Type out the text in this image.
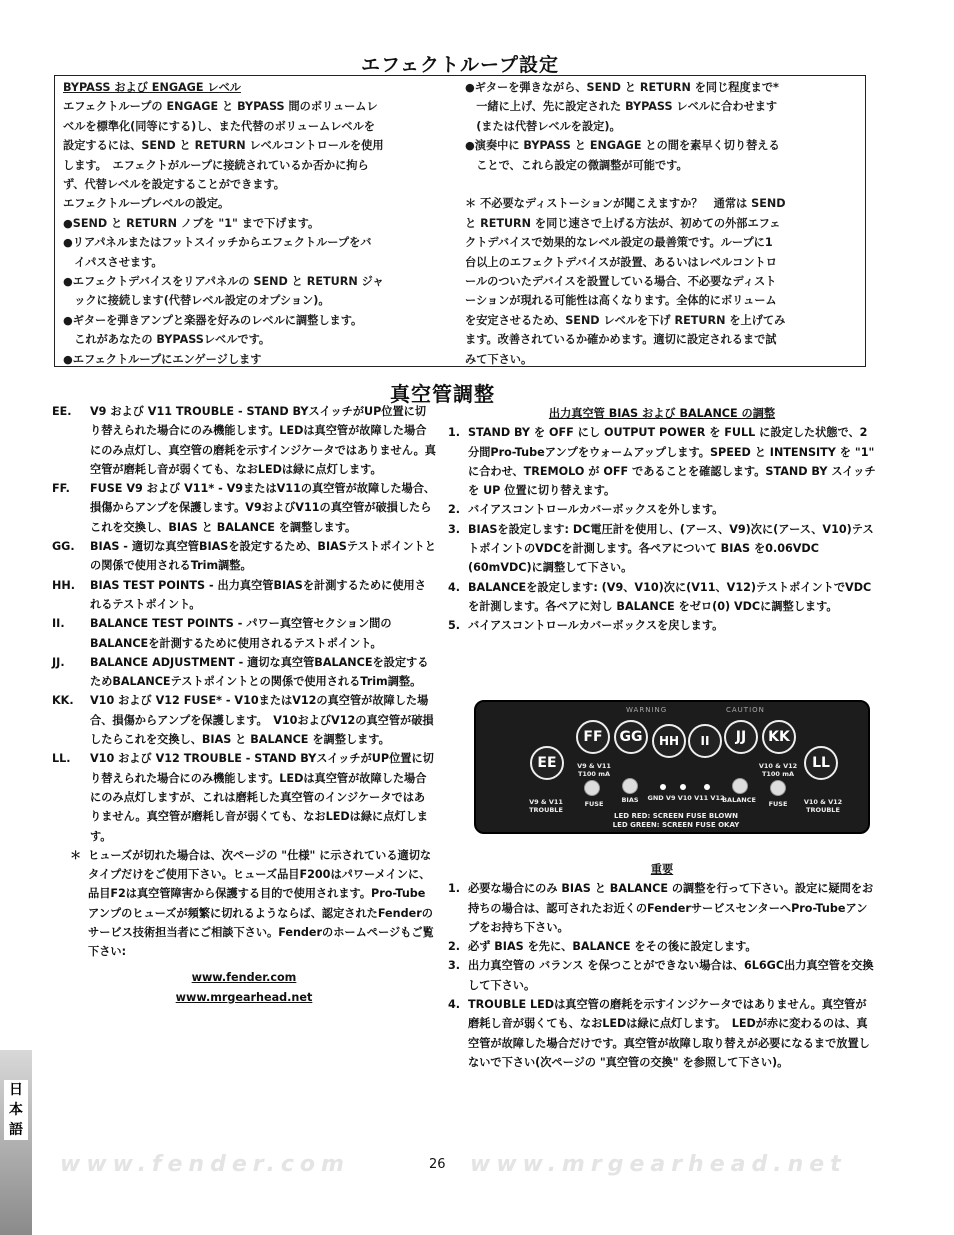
エフェクトループ設定

BYPASS および ENGAGE レベル

エフェクトループの ENGAGE と BYPASS 間のボリュームレ

ベルを標準化(同等にする)し、また代替のボリュームレベルを

設定するには、SEND と RETURN レベルコントロールを使用

します。　エフェクトがループに接続されているか否かに拘ら

ず、代替レベルを設定することができます。

エフェクトループレベルの設定。

●SEND と RETURN ノブを "1" まで下げます。

●リアパネルまたはフットスイッチからエフェクトループをバ

　イパスさせます。

●エフェクトデバイスをリアパネルの SEND と RETURN ジャ

　ックに接続します(代替レベル設定のオプション)。

●ギターを弾きアンプと楽器を好みのレベルに調整します。

　これがあなたの BYPASSレベルです。

●エフェクトループにエンゲージします

●ギターを弾きながら、SEND と RETURN を同じ程度まで*

　一緒に上げ、先に設定された BYPASS レベルに合わせます

　(または代替レベルを設定)。

●演奏中に BYPASS と ENGAGE との間を素早く切り替える

　ことで、これら設定の微調整が可能です。

＊ 不必要なディストーションが聞こえますか？　通常は SEND

と RETURN を同じ速さで上げる方法が、初めての外部エフェ

クトデバイスで効果的なレベル設定の最善策です。ループに1

台以上のエフェクトデバイスが設置、あるいはレベルコントロ

ールのついたデバイスを設置している場合、不必要なディスト

ーションが現れる可能性は高くなります。全体的にボリューム

を安定させるため、SEND レベルを下げ RETURN を上げてみ

ます。改善されているか確かめます。適切に設定されるまで試

みて下さい。

真空管調整
EE.	V9 および V11 TROUBLE - STAND BYスイッチがUP位置に切り替えられた場合にのみ機能します。LEDは真空管が故障した場合にのみ点灯し、真空管の磨耗を示すインジケータではありません。真空管が磨耗し音が弱くても、なおLEDは緑に点灯します。
FF.	FUSE V9 および V11* - V9またはV11の真空管が故障した場合、損傷からアンプを保護します。V9およびV11の真空管が破損したらこれを交換し、BIAS と BALANCE を調整します。
GG.	BIAS - 適切な真空管BIASを設定するため、BIASテストポイントとの関係で使用されるTrim調整。
HH.	BIAS TEST POINTS - 出力真空管BIASを計測するために使用されるテストポイント。
II.	BALANCE TEST POINTS - パワー真空管セクション間のBALANCEを計測するために使用されるテストポイント。
JJ.	BALANCE ADJUSTMENT - 適切な真空管BALANCEを設定するためBALANCEテストポイントとの関係で使用されるTrim調整。
KK.	V10 および V12 FUSE* - V10またはV12の真空管が故障した場合、損傷からアンプを保護します。　V10およびV12の真空管が破損したらこれを交換し、BIAS と BALANCE を調整します。
LL.	V10 および V12 TROUBLE - STAND BYスイッチがUP位置に切り替えられた場合にのみ機能します。LEDは真空管が故障した場合にのみ点灯しますが、これは磨耗した真空管のインジケータではありません。真空管が磨耗し音が弱くても、なおLEDは緑に点灯します。
＊ ヒューズが切れた場合は、次ページの "仕様" に示されている適切なタイプだけをご使用下さい。ヒューズ品目F200はパワーメインに、品目F2は真空管障害から保護する目的で使用されます。Pro-Tubeアンプのヒューズが頻繁に切れるようならば、認定されたFenderのサービス技術担当者にご相談下さい。Fenderのホームページもご覧下さい:
www.fender.com
www.mrgearhead.net
出力真空管 BIAS および BALANCE の調整
1. STAND BY を OFF にし OUTPUT POWER を FULL に設定した状態で、2分間Pro-Tubeアンプをウォームアップします。SPEED と INTENSITY を "1" に合わせ、TREMOLO が OFF であることを確認します。STAND BY スイッチを UP 位置に切り替えます。
2. バイアスコントロールカバーボックスを外します。
3. BIASを設定します: DC電圧計を使用し、(アース、V9)次に(アース、V10)テストポイントのVDCを計測します。各ペアについて BIAS を0.06VDC (60mVDC)に調整して下さい。
4. BALANCEを設定します: (V9、V10)次に(V11、V12)テストポイントでVDCを計測します。各ペアに対し BALANCE をゼロ(0) VDCに調整します。
5. バイアスコントロールカバーボックスを戻します。
WARNING	CAUTION
EE
FF	GG	HH	II	JJ	KK
LL
V9 & V11
T100 mA
FUSE	BIAS	GND V9 V10 V11 V12
BALANCE
V10 & V12
T100 mA
FUSE
V9 & V11
TROUBLE
V10 & V12
TROUBLE
LED RED: SCREEN FUSE BLOWN
LED GREEN: SCREEN FUSE OKAY
重要
1. 必要な場合にのみ BIAS と BALANCE の調整を行って下さい。設定に疑問をお持ちの場合は、認可されたお近くのFenderサービスセンターへPro-Tubeアンプをお持ち下さい。
2. 必ず BIAS を先に、BALANCE をその後に設定します。
3. 出力真空管の バランス を保つことができない場合は、6L6GC出力真空管を交換して下さい。
4. TROUBLE LEDは真空管の磨耗を示すインジケータではありません。真空管が磨耗し音が弱くても、なおLEDは緑に点灯します。　LEDが赤に変わるのは、真空管が故障した場合だけです。真空管が故障し取り替えが必要になるまで放置しないで下さい(次ページの "真空管の交換" を参照して下さい)。
www.fender.com	www.mrgearhead.net
26
日本語
